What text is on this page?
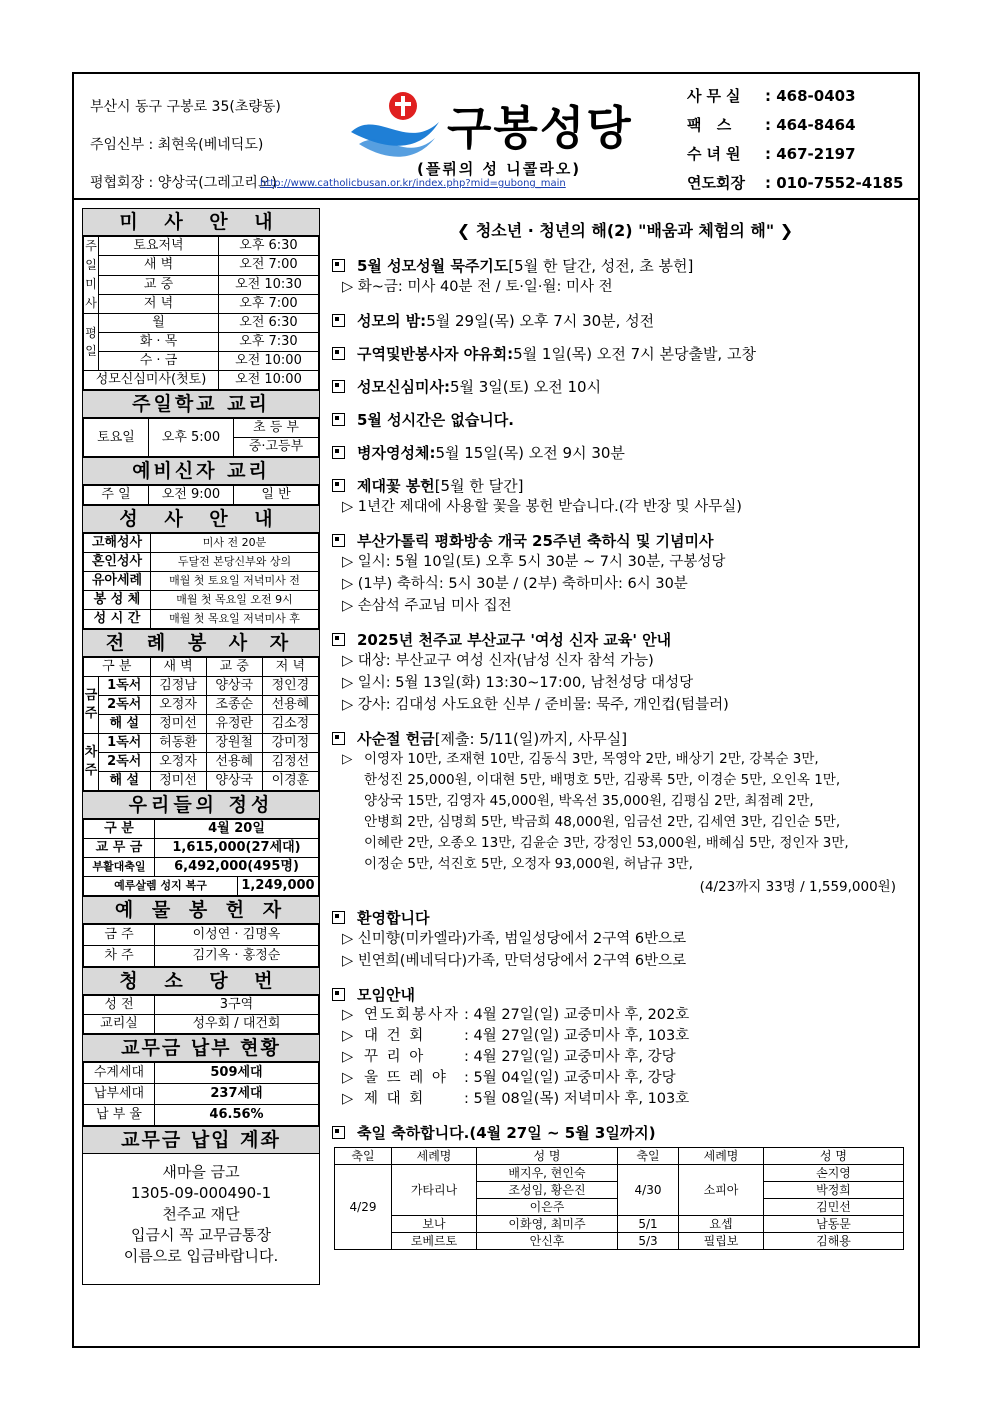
부산시 동구 구봉로 35(초량동)
주임신부 : 최현욱(베네딕도)
평협회장 : 양상국(그레고리오)
구봉성당
(플뤼의 성 니콜라오)
사무실	: 468-0403
팩 스	: 464-8464
수녀원	: 467-2197
연도회장	: 010-7552-4185
http://www.catholicbusan.or.kr/index.php?mid=gubong_main
미 사 안 내
주일미사	토요저녁	오후 6:30
	새 벽	오전 7:00
	교 중	오전 10:30
	저 녁	오후 7:00
평일	월	오전 6:30
	화 · 목	오후 7:30
	수 · 금	오전 10:00
성모신심미사(첫토)		오전 10:00
주일학교 교리
토요일	오후 5:00	초 등 부
중·고등부
예비신자 교리
주 일	오전 9:00	일 반
성 사 안 내
고해성사	미사 전 20분
혼인성사	두달전 본당신부와 상의
유아세례	매월 첫 토요일 저녁미사 전
봉 성 체	매월 첫 목요일 오전 9시
성 시 간	매월 첫 목요일 저녁미사 후
전 례 봉 사 자
구 분		새 벽	교 중	저 녁
금주	1독서	김정남	양상국	정인경
	2독서	오정자	조종순	선용혜
	해 설	정미선	유정란	김소정
차주	1독서	허동환	장원철	강미정
	2독서	오정자	선용혜	김정선
	해 설	정미선	양상국	이경훈
우리들의 정성
구 분	4월 20일	
교 무 금	1,615,000(27세대)	
부활대축일	6,492,000(495명)	
예루살렘 성지 복구		1,249,000
예 물 봉 헌 자
금 주	이성연 · 김명옥
차 주	김기옥 · 홍정순
청 소 당 번
성 전	3구역
교리실	성우회 / 대건회
교무금 납부 현황
수계세대	509세대
납부세대	237세대
납 부 율	46.56%
교무금 납입 계좌
새마을 금고
1305-09-000490-1
천주교 재단
입금시 꼭 교무금통장
이름으로 입금바랍니다.
❮ 청소년 · 청년의 해(2) "배움과 체험의 해" ❯
5월 성모성월 묵주기도 [5월 한 달간, 성전, 초 봉헌]
▷ 화~금: 미사 40분 전 / 토·일·월: 미사 전
성모의 밤: 5월 29일(목) 오후 7시 30분, 성전
구역및반봉사자 야유회: 5월 1일(목) 오전 7시 본당출발, 고창
성모신심미사: 5월 3일(토) 오전 10시
5월 성시간은 없습니다.
병자영성체: 5월 15일(목) 오전 9시 30분
제대꽃 봉헌 [5월 한 달간]
▷ 1년간 제대에 사용할 꽃을 봉헌 받습니다.(각 반장 및 사무실)
부산가톨릭 평화방송 개국 25주년 축하식 및 기념미사
▷ 일시: 5월 10일(토) 오후 5시 30분 ~ 7시 30분, 구봉성당
▷ (1부) 축하식: 5시 30분 / (2부) 축하미사: 6시 30분
▷ 손삼석 주교님 미사 집전
2025년 천주교 부산교구 '여성 신자 교육' 안내
▷ 대상: 부산교구 여성 신자(남성 신자 참석 가능)
▷ 일시: 5월 13일(화) 13:30~17:00, 남천성당 대성당
▷ 강사: 김대성 사도요한 신부 / 준비물: 묵주, 개인컵(텀블러)
사순절 헌금 [제출: 5/11(일)까지, 사무실]
▷ 이영자 10만, 조재현 10만, 김동식 3만, 목영악 2만, 배상기 2만, 강복순 3만,
한성진 25,000원, 이대현 5만, 배명호 5만, 김광록 5만, 이경순 5만, 오인옥 1만,
양상국 15만, 김영자 45,000원, 박옥선 35,000원, 김평심 2만, 최점례 2만,
안병희 2만, 심명희 5만, 박금희 48,000원, 임금선 2만, 김세연 3만, 김인순 5만,
이혜란 2만, 오종오 13만, 김윤순 3만, 강정인 53,000원, 배혜심 5만, 정인자 3만,
이정순 5만, 석진호 5만, 오정자 93,000원, 허남규 3만,
(4/23까지 33명 / 1,559,000원)
환영합니다
▷ 신미향(미카엘라)가족, 범일성당에서 2구역 6반으로
▷ 빈연희(베네딕다)가족, 만덕성당에서 2구역 6반으로
모임안내
▷ 연도회봉사자 : 4월 27일(일) 교중미사 후, 202호
▷ 대 건 회	: 4월 27일(일) 교중미사 후, 103호
▷ 꾸 리 아	: 4월 27일(일) 교중미사 후, 강당
▷ 울 뜨 레 야	: 5월 04일(일) 교중미사 후, 강당
▷ 제 대 회	: 5월 08일(목) 저녁미사 후, 103호
축일 축하합니다.(4월 27일 ~ 5월 3일까지)
축일	세례명	성 명	축일	세례명	성 명
4/29	가타리나	배지우, 현인숙	4/30	소피아	손지영
		조성임, 황은진			박정희
		이은주			김민선
	보나	이화영, 최미주	5/1	요셉	남동문
	로베르토	안신후	5/3	필립보	김해용
